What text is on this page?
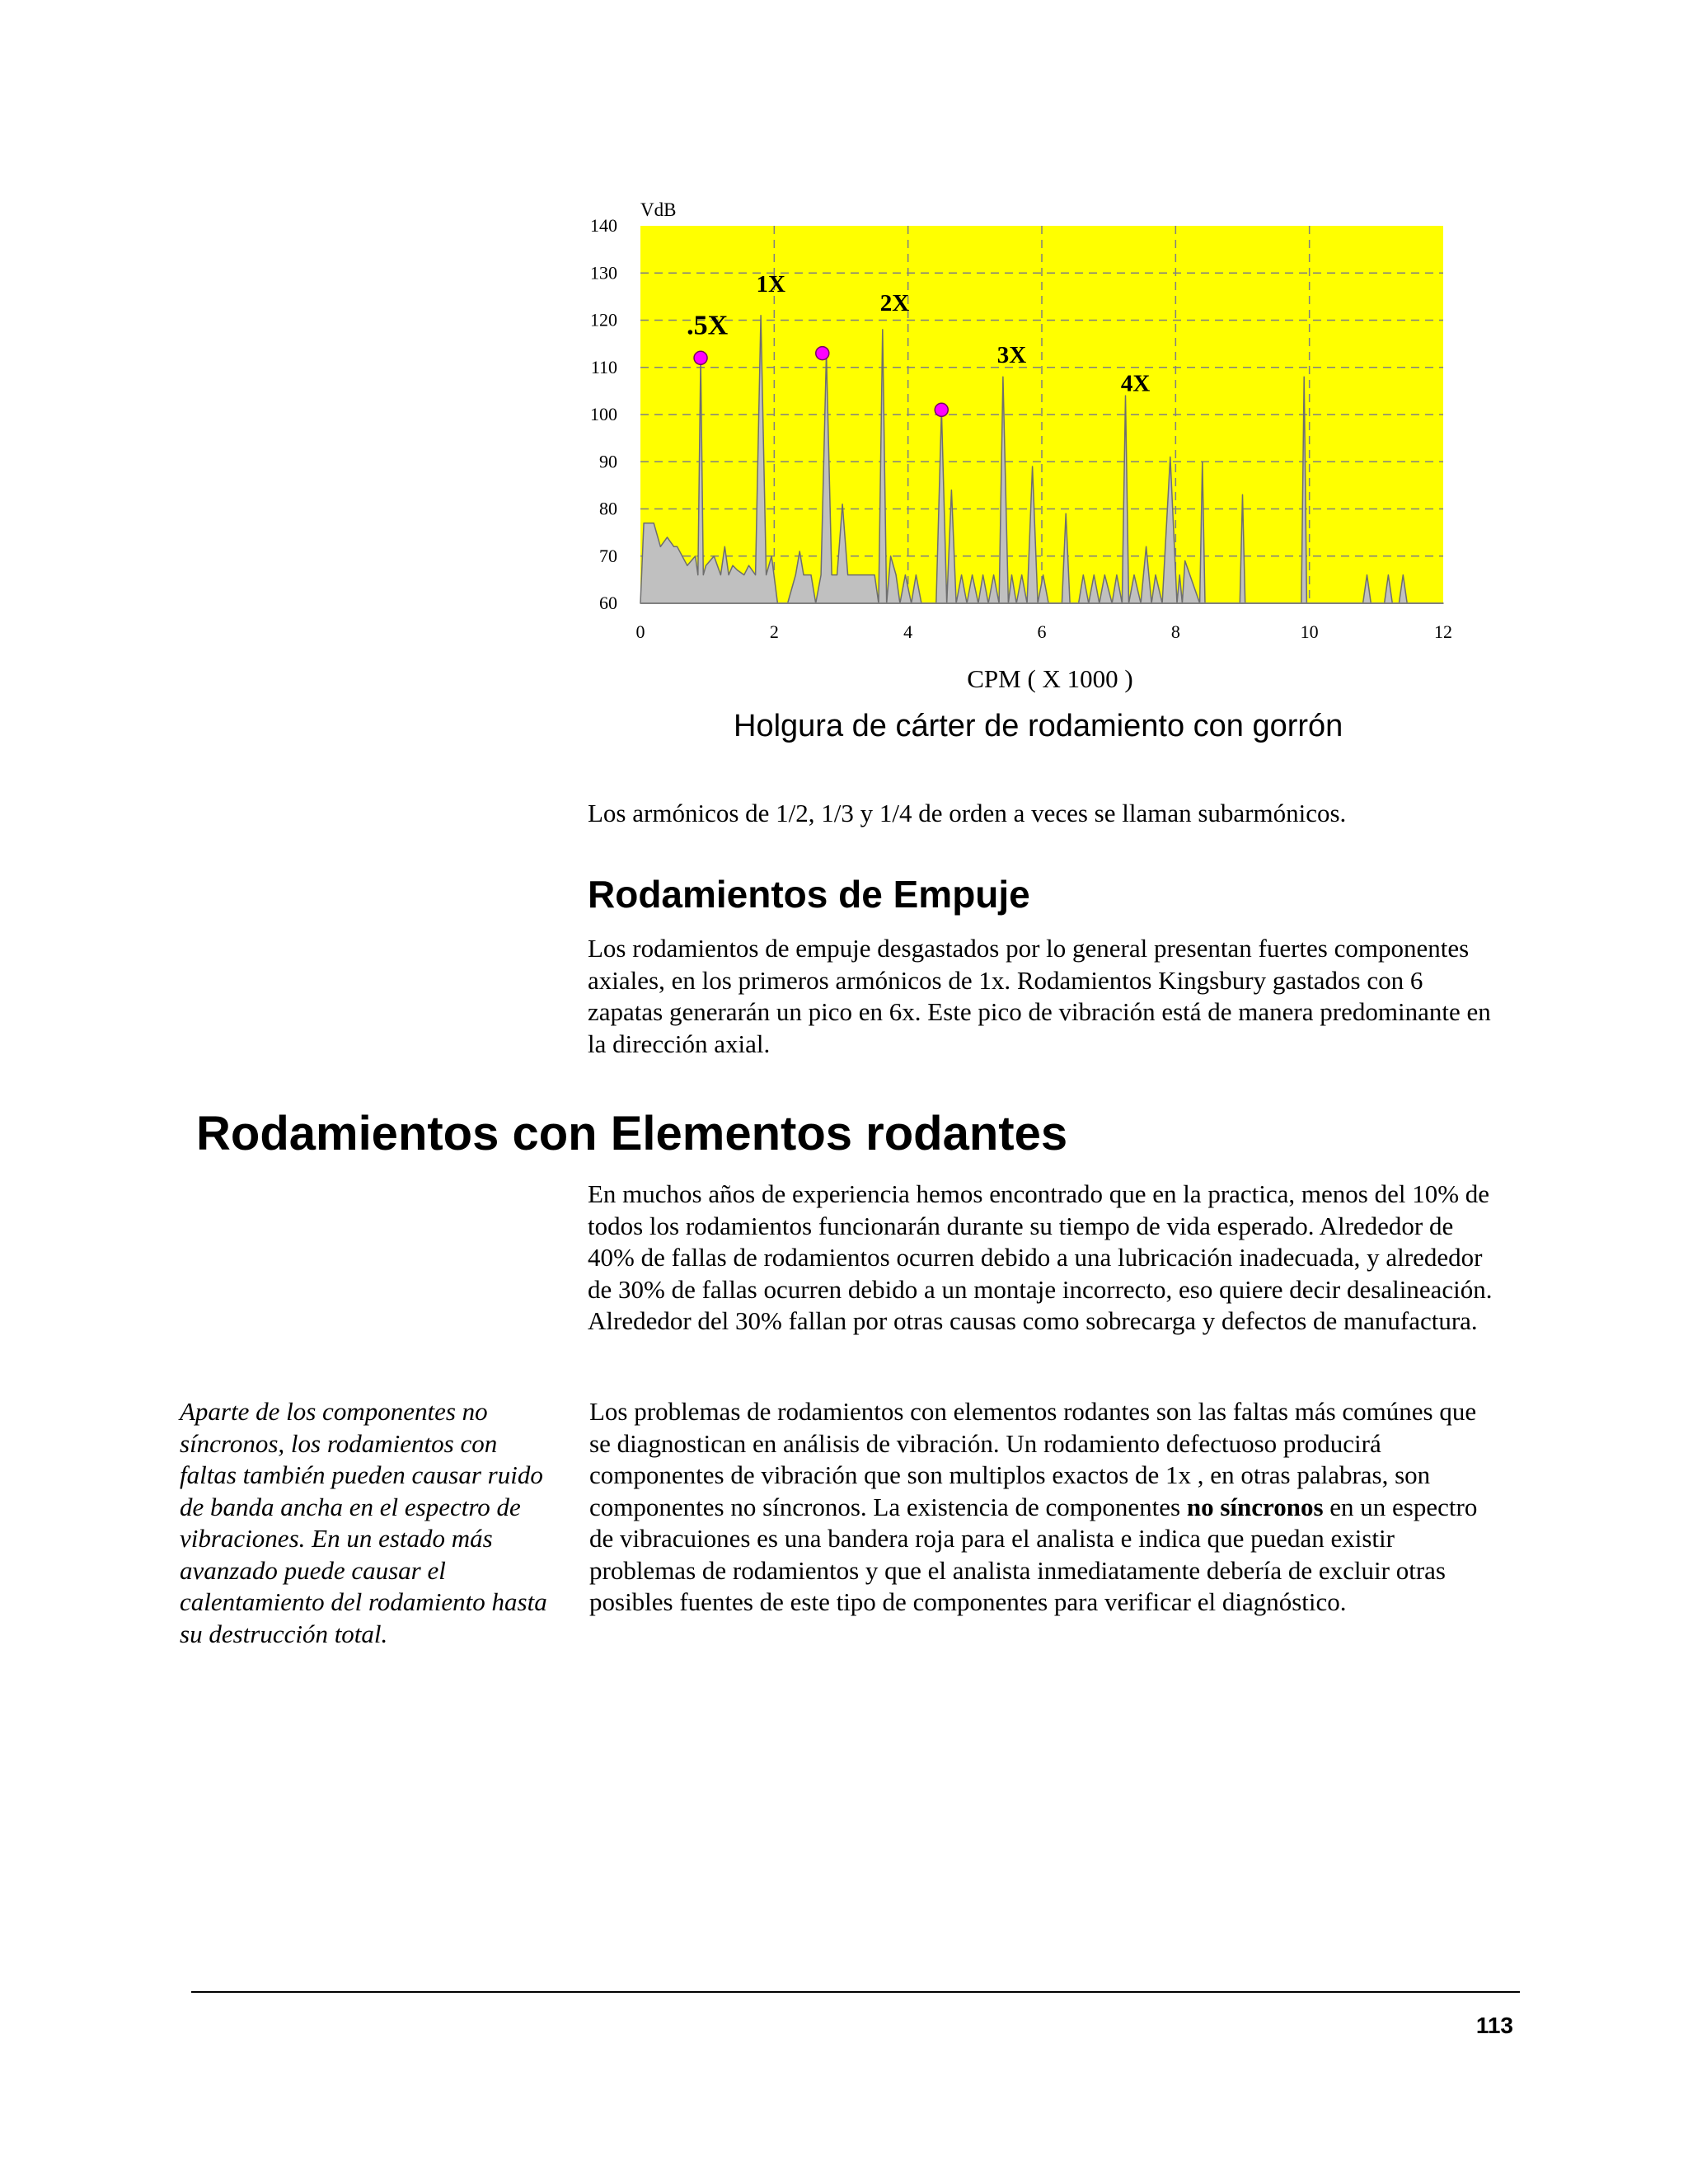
.5X
1X
2X
3X
4X
60
70
80
90
100
110
120
130
140
0	2	4	6	8	10	12
VdB
CPM ( X 1000 )
Holgura de cárter de rodamiento con gorrón

Los armónicos de 1/2, 1/3 y 1/4 de orden a veces se llaman subarmónicos.

Rodamientos de Empuje

Los rodamientos de empuje desgastados por lo general presentan fuertes componentes axiales, en los primeros armónicos de 1x. Rodamientos Kingsbury gastados con 6 zapatas generarán un pico en 6x. Este pico de vibración está de manera predominante en la dirección axial.

Rodamientos con Elementos rodantes

En muchos años de experiencia hemos encontrado que en la practica, menos del 10% de todos los rodamientos funcionarán durante su tiempo de vida esperado. Alrededor de 40% de fallas de rodamientos ocurren debido a una lubricación inadecuada, y alrededor de 30% de fallas ocurren debido a un montaje incorrecto, eso quiere decir desalineación. Alrededor del 30% fallan por otras causas como sobrecarga y defectos de manufactura.

Aparte de los componentes no síncronos, los rodamientos con faltas también pueden causar ruido de banda ancha en el espectro de vibraciones. En un estado más avanzado puede causar el calentamiento del rodamiento hasta su destrucción total.

Los problemas de rodamientos con elementos rodantes son las faltas más comúnes que se diagnostican en análisis de vibración. Un rodamiento defectuoso producirá componentes de vibración que son multiplos exactos de 1x , en otras palabras, son componentes no síncronos. La existencia de componentes no síncronos en un espectro de vibracuiones es una bandera roja para el analista e indica que puedan existir problemas de rodamientos y que el analista inmediatamente debería de excluir otras posibles fuentes de este tipo de componentes para verificar el diagnóstico.

113
